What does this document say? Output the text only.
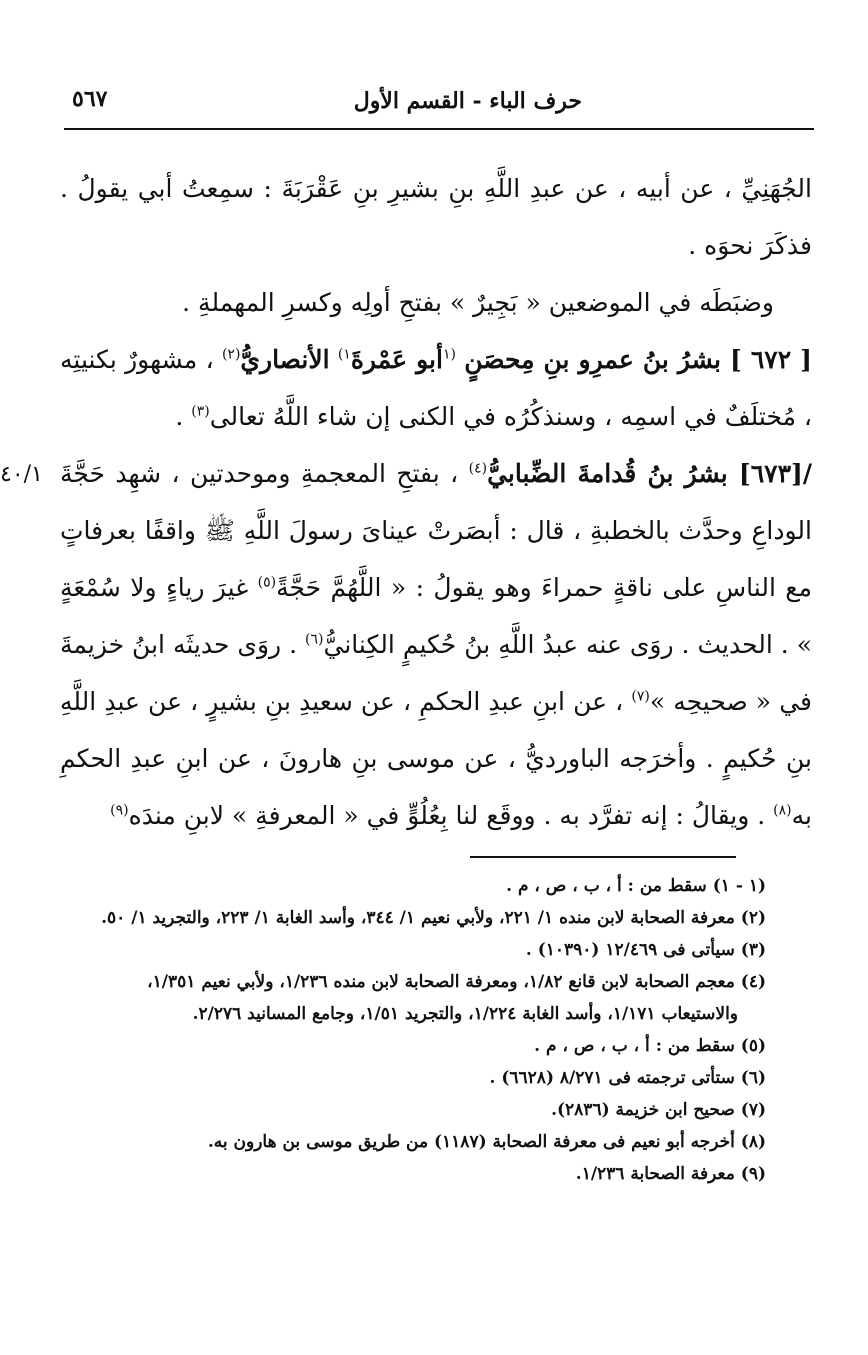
حرف الباء - القسم الأول
٥٦٧
٤٠/١

الجُهَنِيِّ ، عن أبيه ، عن عبدِ اللَّهِ بنِ بشيرِ بنِ عَقْرَبَةَ : سمِعتُ أبي يقولُ . فذكَرَ نحوَه .

وضبَطَه في الموضعين « بَجِيرٌ » بفتحِ أولِه وكسرِ المهملةِ .

[ ٦٧٢ ] بشرُ بنُ عمرِو بنِ مِحصَنٍ $^{(١}$أبو عَمْرةَ$^{١)}$ الأنصاريُّ$^{(٢)}$ ، مشهورٌ بكنيتِه ، مُختلَفٌ في اسمِه ، وسنذكُرُه في الكنى إن شاء اللَّهُ تعالى$^{(٣)}$ .

/[٦٧٣] بشرُ بنُ قُدامةَ الضِّبابيُّ$^{(٤)}$ ، بفتحِ المعجمةِ وموحدتين ، شهِد حَجَّةَ الوداعِ وحدَّث بالخطبةِ ، قال : أبصَرتْ عيناىَ رسولَ اللَّهِ ﷺ واقفًا بعرفاتٍ مع الناسِ على ناقةٍ حمراءَ وهو يقولُ : « اللَّهُمَّ حَجَّةً$^{(٥)}$ غيرَ رياءٍ ولا سُمْعَةٍ » . الحديث . روَى عنه عبدُ اللَّهِ بنُ حُكيمٍ الكِنانيُّ$^{(٦)}$ . روَى حديثَه ابنُ خزيمةَ في « صحيحِه »$^{(٧)}$ ، عن ابنِ عبدِ الحكمِ ، عن سعيدِ بنِ بشيرٍ ، عن عبدِ اللَّهِ بنِ حُكيمٍ . وأخرَجه الباورديُّ ، عن موسى بنِ هارونَ ، عن ابنِ عبدِ الحكمِ به$^{(٨)}$ . ويقالُ : إنه تفرَّد به . ووقَع لنا بِعُلُوٍّ في « المعرفةِ » لابنِ مندَه$^{(٩)}$

(١ - ١) سقط من : أ ، ب ، ص ، م .

(٢) معرفة الصحابة لابن منده ١/ ٢٢١، ولأبي نعيم ١/ ٣٤٤، وأسد الغابة ١/ ٢٢٣، والتجريد ١/ ٥٠.

(٣) سيأتى فى ١٢/٤٦٩ (١٠٣٩٠) .

(٤) معجم الصحابة لابن قانع ١/٨٢، ومعرفة الصحابة لابن منده ١/٢٣٦، ولأبي نعيم ١/٣٥١،

والاستيعاب ١/١٧١، وأسد الغابة ١/٢٢٤، والتجريد ١/٥١، وجامع المسانيد ٢/٢٧٦.

(٥) سقط من : أ ، ب ، ص ، م .

(٦) ستأتى ترجمته فى ٨/٢٧١ (٦٦٢٨) .

(٧) صحيح ابن خزيمة (٢٨٣٦).

(٨) أخرجه أبو نعيم فى معرفة الصحابة (١١٨٧) من طريق موسى بن هارون به.

(٩) معرفة الصحابة ١/٢٣٦.
